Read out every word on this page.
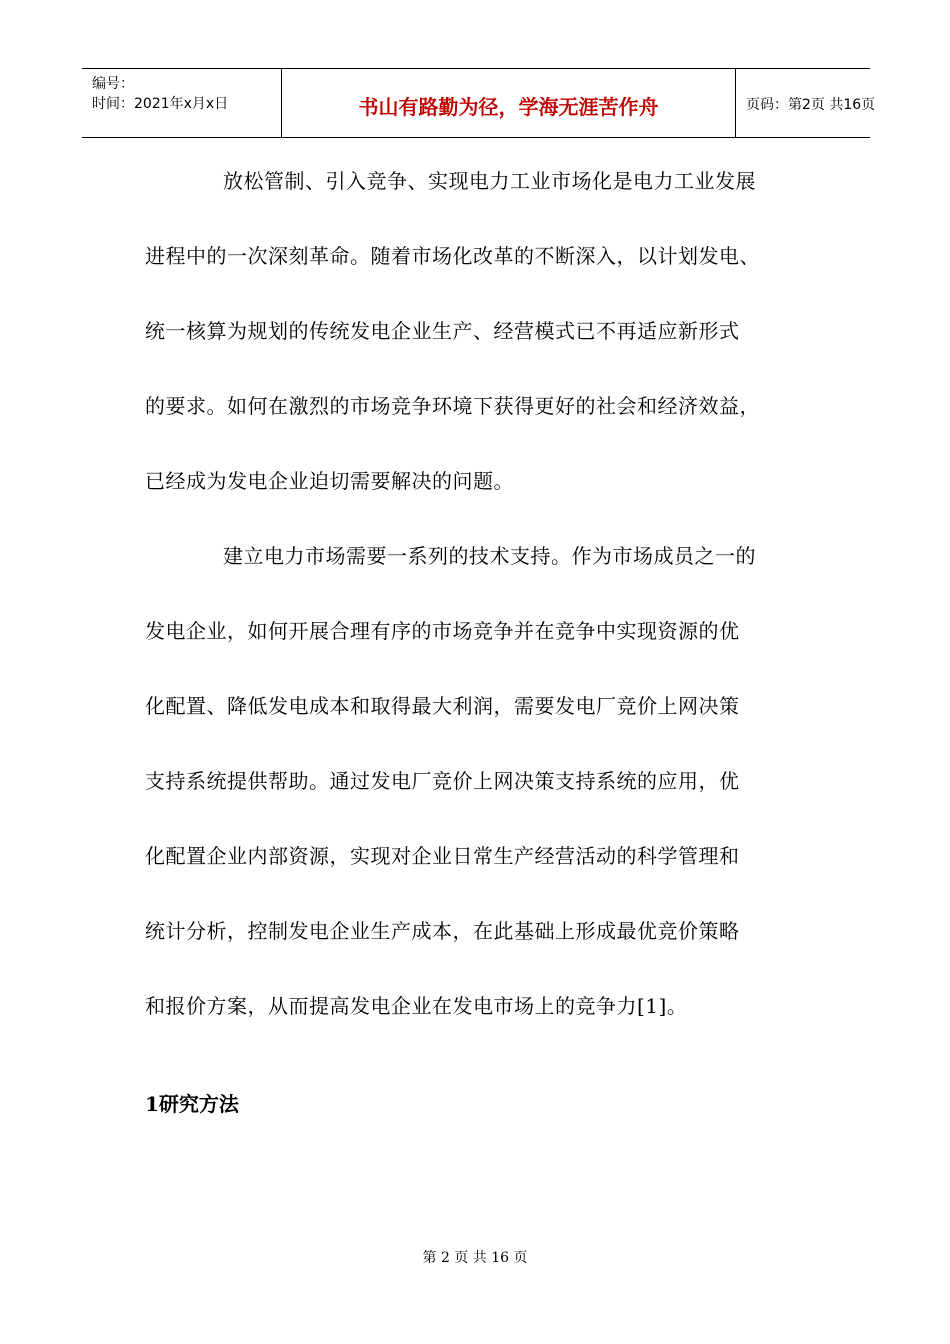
编号：
时间：2021年x月x日	书山有路勤为径，学海无涯苦作舟	页码：第2页 共16页

放松管制、引入竞争、实现电力工业市场化是电力工业发展

进程中的一次深刻革命。随着市场化改革的不断深入，以计划发电、

统一核算为规划的传统发电企业生产、经营模式已不再适应新形式

的要求。如何在激烈的市场竞争环境下获得更好的社会和经济效益，

已经成为发电企业迫切需要解决的问题。

建立电力市场需要一系列的技术支持。作为市场成员之一的

发电企业，如何开展合理有序的市场竞争并在竞争中实现资源的优

化配置、降低发电成本和取得最大利润，需要发电厂竞价上网决策

支持系统提供帮助。通过发电厂竞价上网决策支持系统的应用，优

化配置企业内部资源，实现对企业日常生产经营活动的科学管理和

统计分析，控制发电企业生产成本，在此基础上形成最优竞价策略

和报价方案，从而提高发电企业在发电市场上的竞争力[1]。

1研究方法
第 2 页 共 16 页
